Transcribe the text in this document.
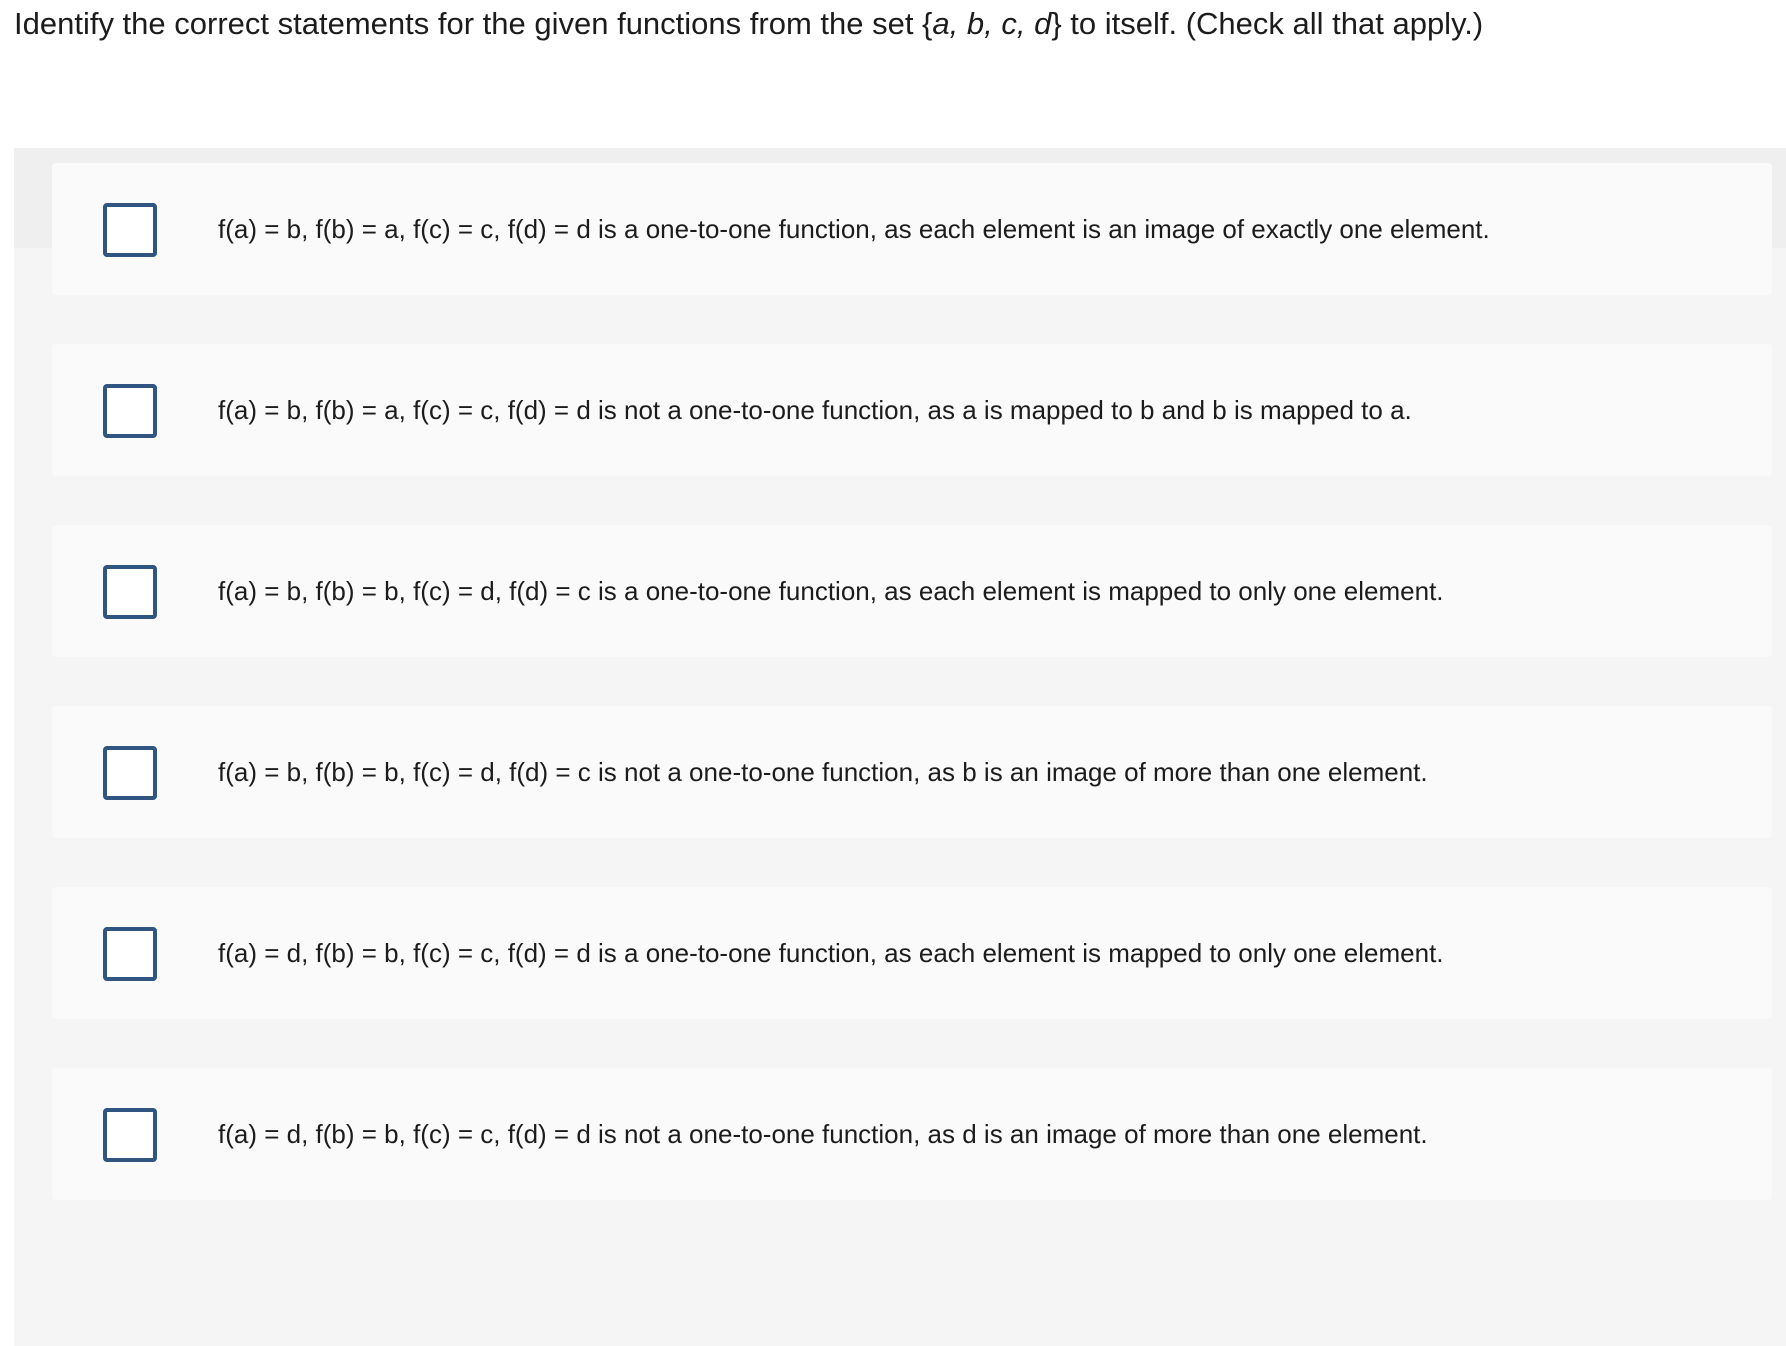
Identify the correct statements for the given functions from the set {a, b, c, d} to itself. (Check all that apply.)
f(a) = b, f(b) = a, f(c) = c, f(d) = d is a one-to-one function, as each element is an image of exactly one element.
f(a) = b, f(b) = a, f(c) = c, f(d) = d is not a one-to-one function, as a is mapped to b and b is mapped to a.
f(a) = b, f(b) = b, f(c) = d, f(d) = c is a one-to-one function, as each element is mapped to only one element.
f(a) = b, f(b) = b, f(c) = d, f(d) = c is not a one-to-one function, as b is an image of more than one element.
f(a) = d, f(b) = b, f(c) = c, f(d) = d is a one-to-one function, as each element is mapped to only one element.
f(a) = d, f(b) = b, f(c) = c, f(d) = d is not a one-to-one function, as d is an image of more than one element.
